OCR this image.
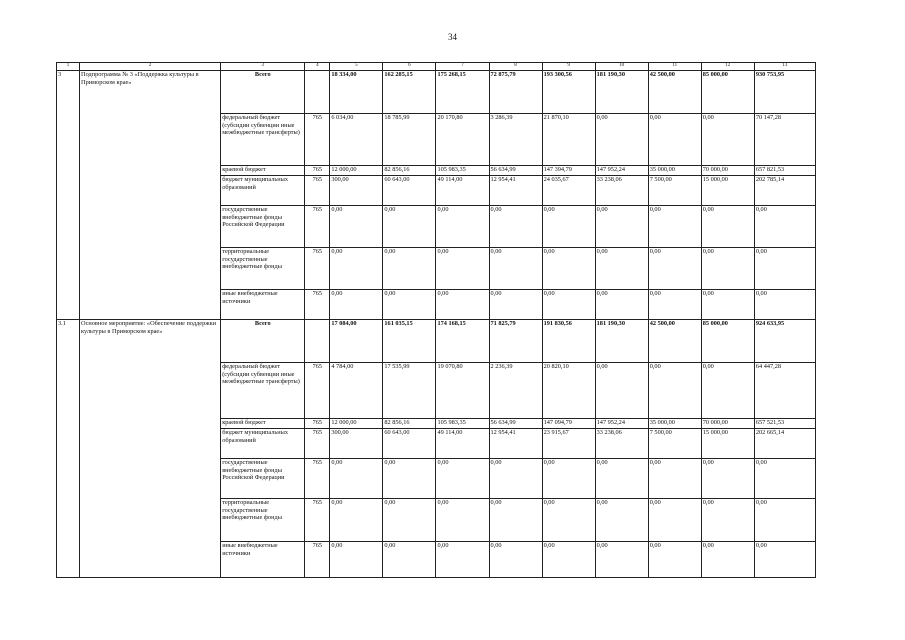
34
1	2	3	4	5	6	7	8	9	10	11	12	13
3	Подпрограмма № 3 «Поддержка культуры в Приморском крае»	Всего		18 334,00	162 285,15	175 268,15	72 875,79	193 300,56	181 190,30	42 500,00	85 000,00	930 753,95
		федеральный бюджет (субсидии субвенции иные межбюджетные трансферты)	765	6 034,00	18 785,99	20 170,80	3 286,39	21 870,10	0,00	0,00	0,00	70 147,28
		краевой бюджет	765	12 000,00	82 856,16	105 983,35	56 634,99	147 394,79	147 952,24	35 000,00	70 000,00	657 821,53
		бюджет муниципальных образований	765	300,00	60 643,00	49 114,00	12 954,41	24 035,67	33 238,06	7 500,00	15 000,00	202 785,14
		государственные внебюджетные фонды Российской Федерации	765	0,00	0,00	0,00	0,00	0,00	0,00	0,00	0,00	0,00
		территориальные государственные внебюджетные фонды	765	0,00	0,00	0,00	0,00	0,00	0,00	0,00	0,00	0,00
		иные внебюджетные источники	765	0,00	0,00	0,00	0,00	0,00	0,00	0,00	0,00	0,00
3.1	Основное мероприятие: «Обеспечение поддержки культуры в Приморском крае»	Всего		17 084,00	161 035,15	174 168,15	71 825,79	191 830,56	181 190,30	42 500,00	85 000,00	924 633,95
		федеральный бюджет (субсидии субвенции иные межбюджетные трансферты)	765	4 784,00	17 535,99	19 070,80	2 236,39	20 820,10	0,00	0,00	0,00	64 447,28
		краевой бюджет	765	12 000,00	82 856,16	105 983,35	56 634,99	147 094,79	147 952,24	35 000,00	70 000,00	657 521,53
		бюджет муниципальных образований	765	300,00	60 643,00	49 114,00	12 954,41	23 915,67	33 238,06	7 500,00	15 000,00	202 665,14
		государственные внебюджетные фонды Российской Федерации	765	0,00	0,00	0,00	0,00	0,00	0,00	0,00	0,00	0,00
		территориальные государственные внебюджетные фонды	765	0,00	0,00	0,00	0,00	0,00	0,00	0,00	0,00	0,00
		иные внебюджетные источники	765	0,00	0,00	0,00	0,00	0,00	0,00	0,00	0,00	0,00
